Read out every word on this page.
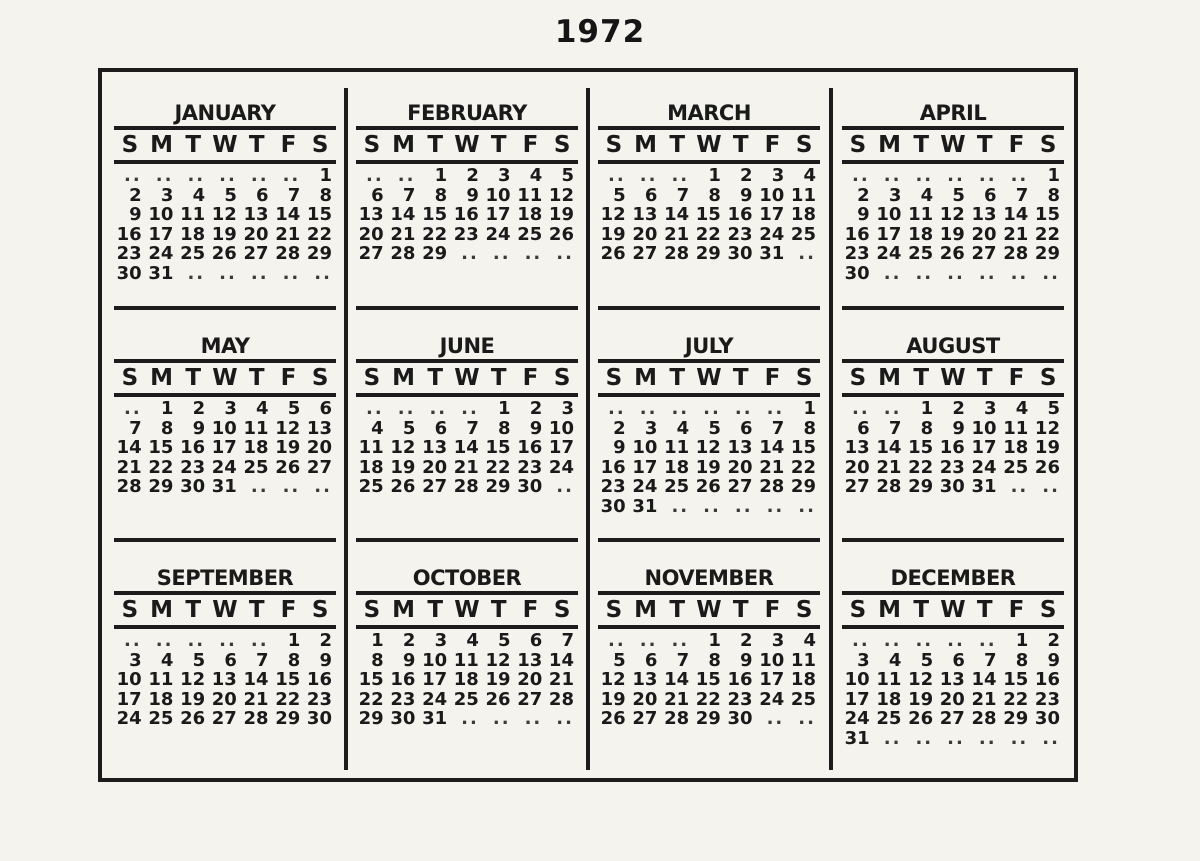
1972
JANUARY
S M T W T F S
.. .. .. .. .. ..	1
2	3	4	5	6	7	8
9 10 11 12 13 14 15
16 17 18 19 20 21 22
23 24 25 26 27 28 29
30 31 .. .. .. .. ..
FEBRUARY
S M T W T F S
.. ..	1	2	3	4	5
6	7	8	9 10 11 12
13 14 15 16 17 18 19
20 21 22 23 24 25 26
27 28 29 .. .. .. ..
MARCH
S M T W T F S
.. .. ..	1	2	3	4
5	6	7	8	9 10 11
12 13 14 15 16 17 18
19 20 21 22 23 24 25
26 27 28 29 30 31 ..
APRIL
S M T W T F S
.. .. .. .. .. ..	1
2	3	4	5	6	7	8
9 10 11 12 13 14 15
16 17 18 19 20 21 22
23 24 25 26 27 28 29
30 .. .. .. .. .. ..
MAY
S M T W T F S
..	1	2	3	4	5	6
7	8	9 10 11 12 13
14 15 16 17 18 19 20
21 22 23 24 25 26 27
28 29 30 31 .. .. ..
JUNE
S M T W T F S
.. .. .. ..	1	2	3
4	5	6	7	8	9 10
11 12 13 14 15 16 17
18 19 20 21 22 23 24
25 26 27 28 29 30 ..
JULY
S M T W T F S
.. .. .. .. .. ..	1
2	3	4	5	6	7	8
9 10 11 12 13 14 15
16 17 18 19 20 21 22
23 24 25 26 27 28 29
30 31 .. .. .. .. ..
AUGUST
S M T W T F S
.. ..	1	2	3	4	5
6	7	8	9 10 11 12
13 14 15 16 17 18 19
20 21 22 23 24 25 26
27 28 29 30 31 .. ..
SEPTEMBER
S M T W T F S
.. .. .. .. ..	1	2
3	4	5	6	7	8	9
10 11 12 13 14 15 16
17 18 19 20 21 22 23
24 25 26 27 28 29 30
OCTOBER
S M T W T F S
1	2	3	4	5	6	7
8	9 10 11 12 13 14
15 16 17 18 19 20 21
22 23 24 25 26 27 28
29 30 31 .. .. .. ..
NOVEMBER
S M T W T F S
.. .. ..	1	2	3	4
5	6	7	8	9 10 11
12 13 14 15 16 17 18
19 20 21 22 23 24 25
26 27 28 29 30 .. ..
DECEMBER
S M T W T F S
.. .. .. .. ..	1	2
3	4	5	6	7	8	9
10 11 12 13 14 15 16
17 18 19 20 21 22 23
24 25 26 27 28 29 30
31 .. .. .. .. .. ..
